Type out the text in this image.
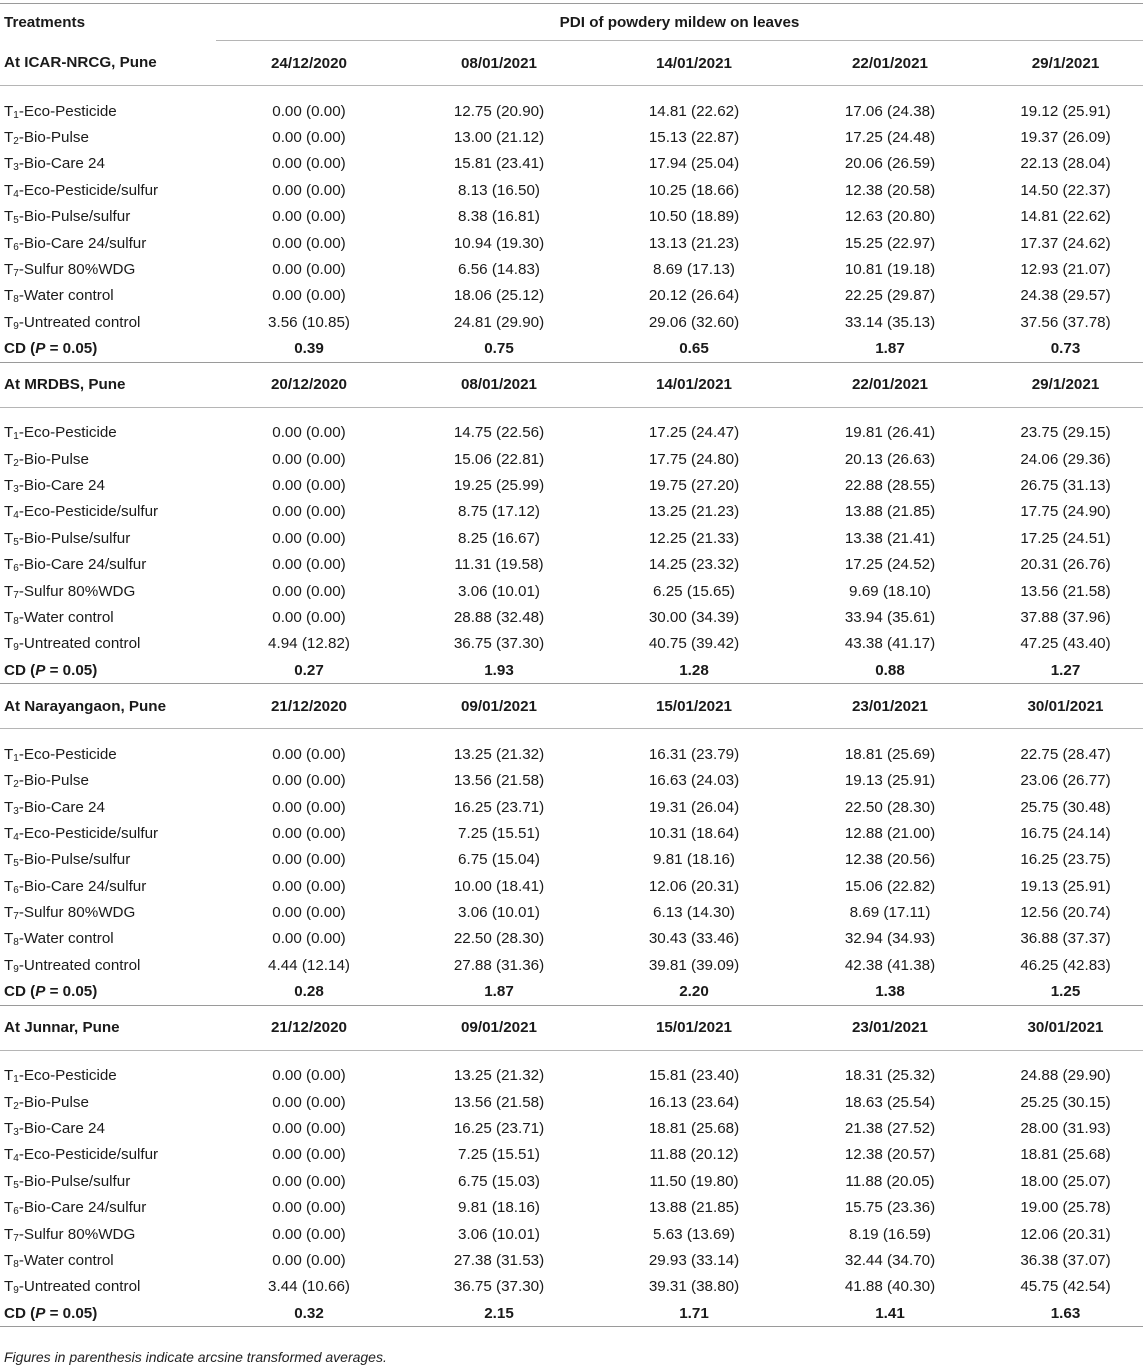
Treatments	PDI of powdery mildew on leaves				
At ICAR-NRCG, Pune	24/12/2020	08/01/2021	14/01/2021	22/01/2021	29/1/2021
$T_1-Eco$-Pesticide	0.00 (0.00)	12.75 (20.90)	14.81 (22.62)	17.06 (24.38)	19.12 (25.91)
$T_2-Bio$-Pulse	0.00 (0.00)	13.00 (21.12)	15.13 (22.87)	17.25 (24.48)	19.37 (26.09)
$T_3-Bio$-Care 24	0.00 (0.00)	15.81 (23.41)	17.94 (25.04)	20.06 (26.59)	22.13 (28.04)
$T_4-Eco-Pesticide$/sulfur	0.00 (0.00)	8.13 (16.50)	10.25 (18.66)	12.38 (20.58)	14.50 (22.37)
$T_5-Bio-Pulse$/sulfur	0.00 (0.00)	8.38 (16.81)	10.50 (18.89)	12.63 (20.80)	14.81 (22.62)
$T_6-Bio$-Care 24/sulfur	0.00 (0.00)	10.94 (19.30)	13.13 (21.23)	15.25 (22.97)	17.37 (24.62)
$T_7$-Sulfur 80%WDG	0.00 (0.00)	6.56 (14.83)	8.69 (17.13)	10.81 (19.18)	12.93 (21.07)
$T_8$-Water control	0.00 (0.00)	18.06 (25.12)	20.12 (26.64)	22.25 (29.87)	24.38 (29.57)
$T_9$-Untreated control	3.56 (10.85)	24.81 (29.90)	29.06 (32.60)	33.14 (35.13)	37.56 (37.78)
CD (P = 0.05)	0.39	0.75	0.65	1.87	0.73
At MRDBS, Pune	20/12/2020	08/01/2021	14/01/2021	22/01/2021	29/1/2021
$T_1-Eco$-Pesticide	0.00 (0.00)	14.75 (22.56)	17.25 (24.47)	19.81 (26.41)	23.75 (29.15)
$T_2-Bio$-Pulse	0.00 (0.00)	15.06 (22.81)	17.75 (24.80)	20.13 (26.63)	24.06 (29.36)
$T_3-Bio$-Care 24	0.00 (0.00)	19.25 (25.99)	19.75 (27.20)	22.88 (28.55)	26.75 (31.13)
$T_4-Eco-Pesticide$/sulfur	0.00 (0.00)	8.75 (17.12)	13.25 (21.23)	13.88 (21.85)	17.75 (24.90)
$T_5-Bio-Pulse$/sulfur	0.00 (0.00)	8.25 (16.67)	12.25 (21.33)	13.38 (21.41)	17.25 (24.51)
$T_6-Bio$-Care 24/sulfur	0.00 (0.00)	11.31 (19.58)	14.25 (23.32)	17.25 (24.52)	20.31 (26.76)
$T_7$-Sulfur 80%WDG	0.00 (0.00)	3.06 (10.01)	6.25 (15.65)	9.69 (18.10)	13.56 (21.58)
$T_8$-Water control	0.00 (0.00)	28.88 (32.48)	30.00 (34.39)	33.94 (35.61)	37.88 (37.96)
$T_9$-Untreated control	4.94 (12.82)	36.75 (37.30)	40.75 (39.42)	43.38 (41.17)	47.25 (43.40)
CD (P = 0.05)	0.27	1.93	1.28	0.88	1.27
At Narayangaon, Pune	21/12/2020	09/01/2021	15/01/2021	23/01/2021	30/01/2021
$T_1-Eco$-Pesticide	0.00 (0.00)	13.25 (21.32)	16.31 (23.79)	18.81 (25.69)	22.75 (28.47)
$T_2-Bio$-Pulse	0.00 (0.00)	13.56 (21.58)	16.63 (24.03)	19.13 (25.91)	23.06 (26.77)
$T_3-Bio$-Care 24	0.00 (0.00)	16.25 (23.71)	19.31 (26.04)	22.50 (28.30)	25.75 (30.48)
$T_4-Eco-Pesticide$/sulfur	0.00 (0.00)	7.25 (15.51)	10.31 (18.64)	12.88 (21.00)	16.75 (24.14)
$T_5-Bio-Pulse$/sulfur	0.00 (0.00)	6.75 (15.04)	9.81 (18.16)	12.38 (20.56)	16.25 (23.75)
$T_6-Bio$-Care 24/sulfur	0.00 (0.00)	10.00 (18.41)	12.06 (20.31)	15.06 (22.82)	19.13 (25.91)
$T_7$-Sulfur 80%WDG	0.00 (0.00)	3.06 (10.01)	6.13 (14.30)	8.69 (17.11)	12.56 (20.74)
$T_8$-Water control	0.00 (0.00)	22.50 (28.30)	30.43 (33.46)	32.94 (34.93)	36.88 (37.37)
$T_9$-Untreated control	4.44 (12.14)	27.88 (31.36)	39.81 (39.09)	42.38 (41.38)	46.25 (42.83)
CD (P = 0.05)	0.28	1.87	2.20	1.38	1.25
At Junnar, Pune	21/12/2020	09/01/2021	15/01/2021	23/01/2021	30/01/2021
$T_1-Eco$-Pesticide	0.00 (0.00)	13.25 (21.32)	15.81 (23.40)	18.31 (25.32)	24.88 (29.90)
$T_2-Bio$-Pulse	0.00 (0.00)	13.56 (21.58)	16.13 (23.64)	18.63 (25.54)	25.25 (30.15)
$T_3-Bio$-Care 24	0.00 (0.00)	16.25 (23.71)	18.81 (25.68)	21.38 (27.52)	28.00 (31.93)
$T_4-Eco-Pesticide$/sulfur	0.00 (0.00)	7.25 (15.51)	11.88 (20.12)	12.38 (20.57)	18.81 (25.68)
$T_5-Bio-Pulse$/sulfur	0.00 (0.00)	6.75 (15.03)	11.50 (19.80)	11.88 (20.05)	18.00 (25.07)
$T_6-Bio$-Care 24/sulfur	0.00 (0.00)	9.81 (18.16)	13.88 (21.85)	15.75 (23.36)	19.00 (25.78)
$T_7$-Sulfur 80%WDG	0.00 (0.00)	3.06 (10.01)	5.63 (13.69)	8.19 (16.59)	12.06 (20.31)
$T_8$-Water control	0.00 (0.00)	27.38 (31.53)	29.93 (33.14)	32.44 (34.70)	36.38 (37.07)
$T_9$-Untreated control	3.44 (10.66)	36.75 (37.30)	39.31 (38.80)	41.88 (40.30)	45.75 (42.54)
CD (P = 0.05)	0.32	2.15	1.71	1.41	1.63
Figures in parenthesis indicate arcsine transformed averages.
